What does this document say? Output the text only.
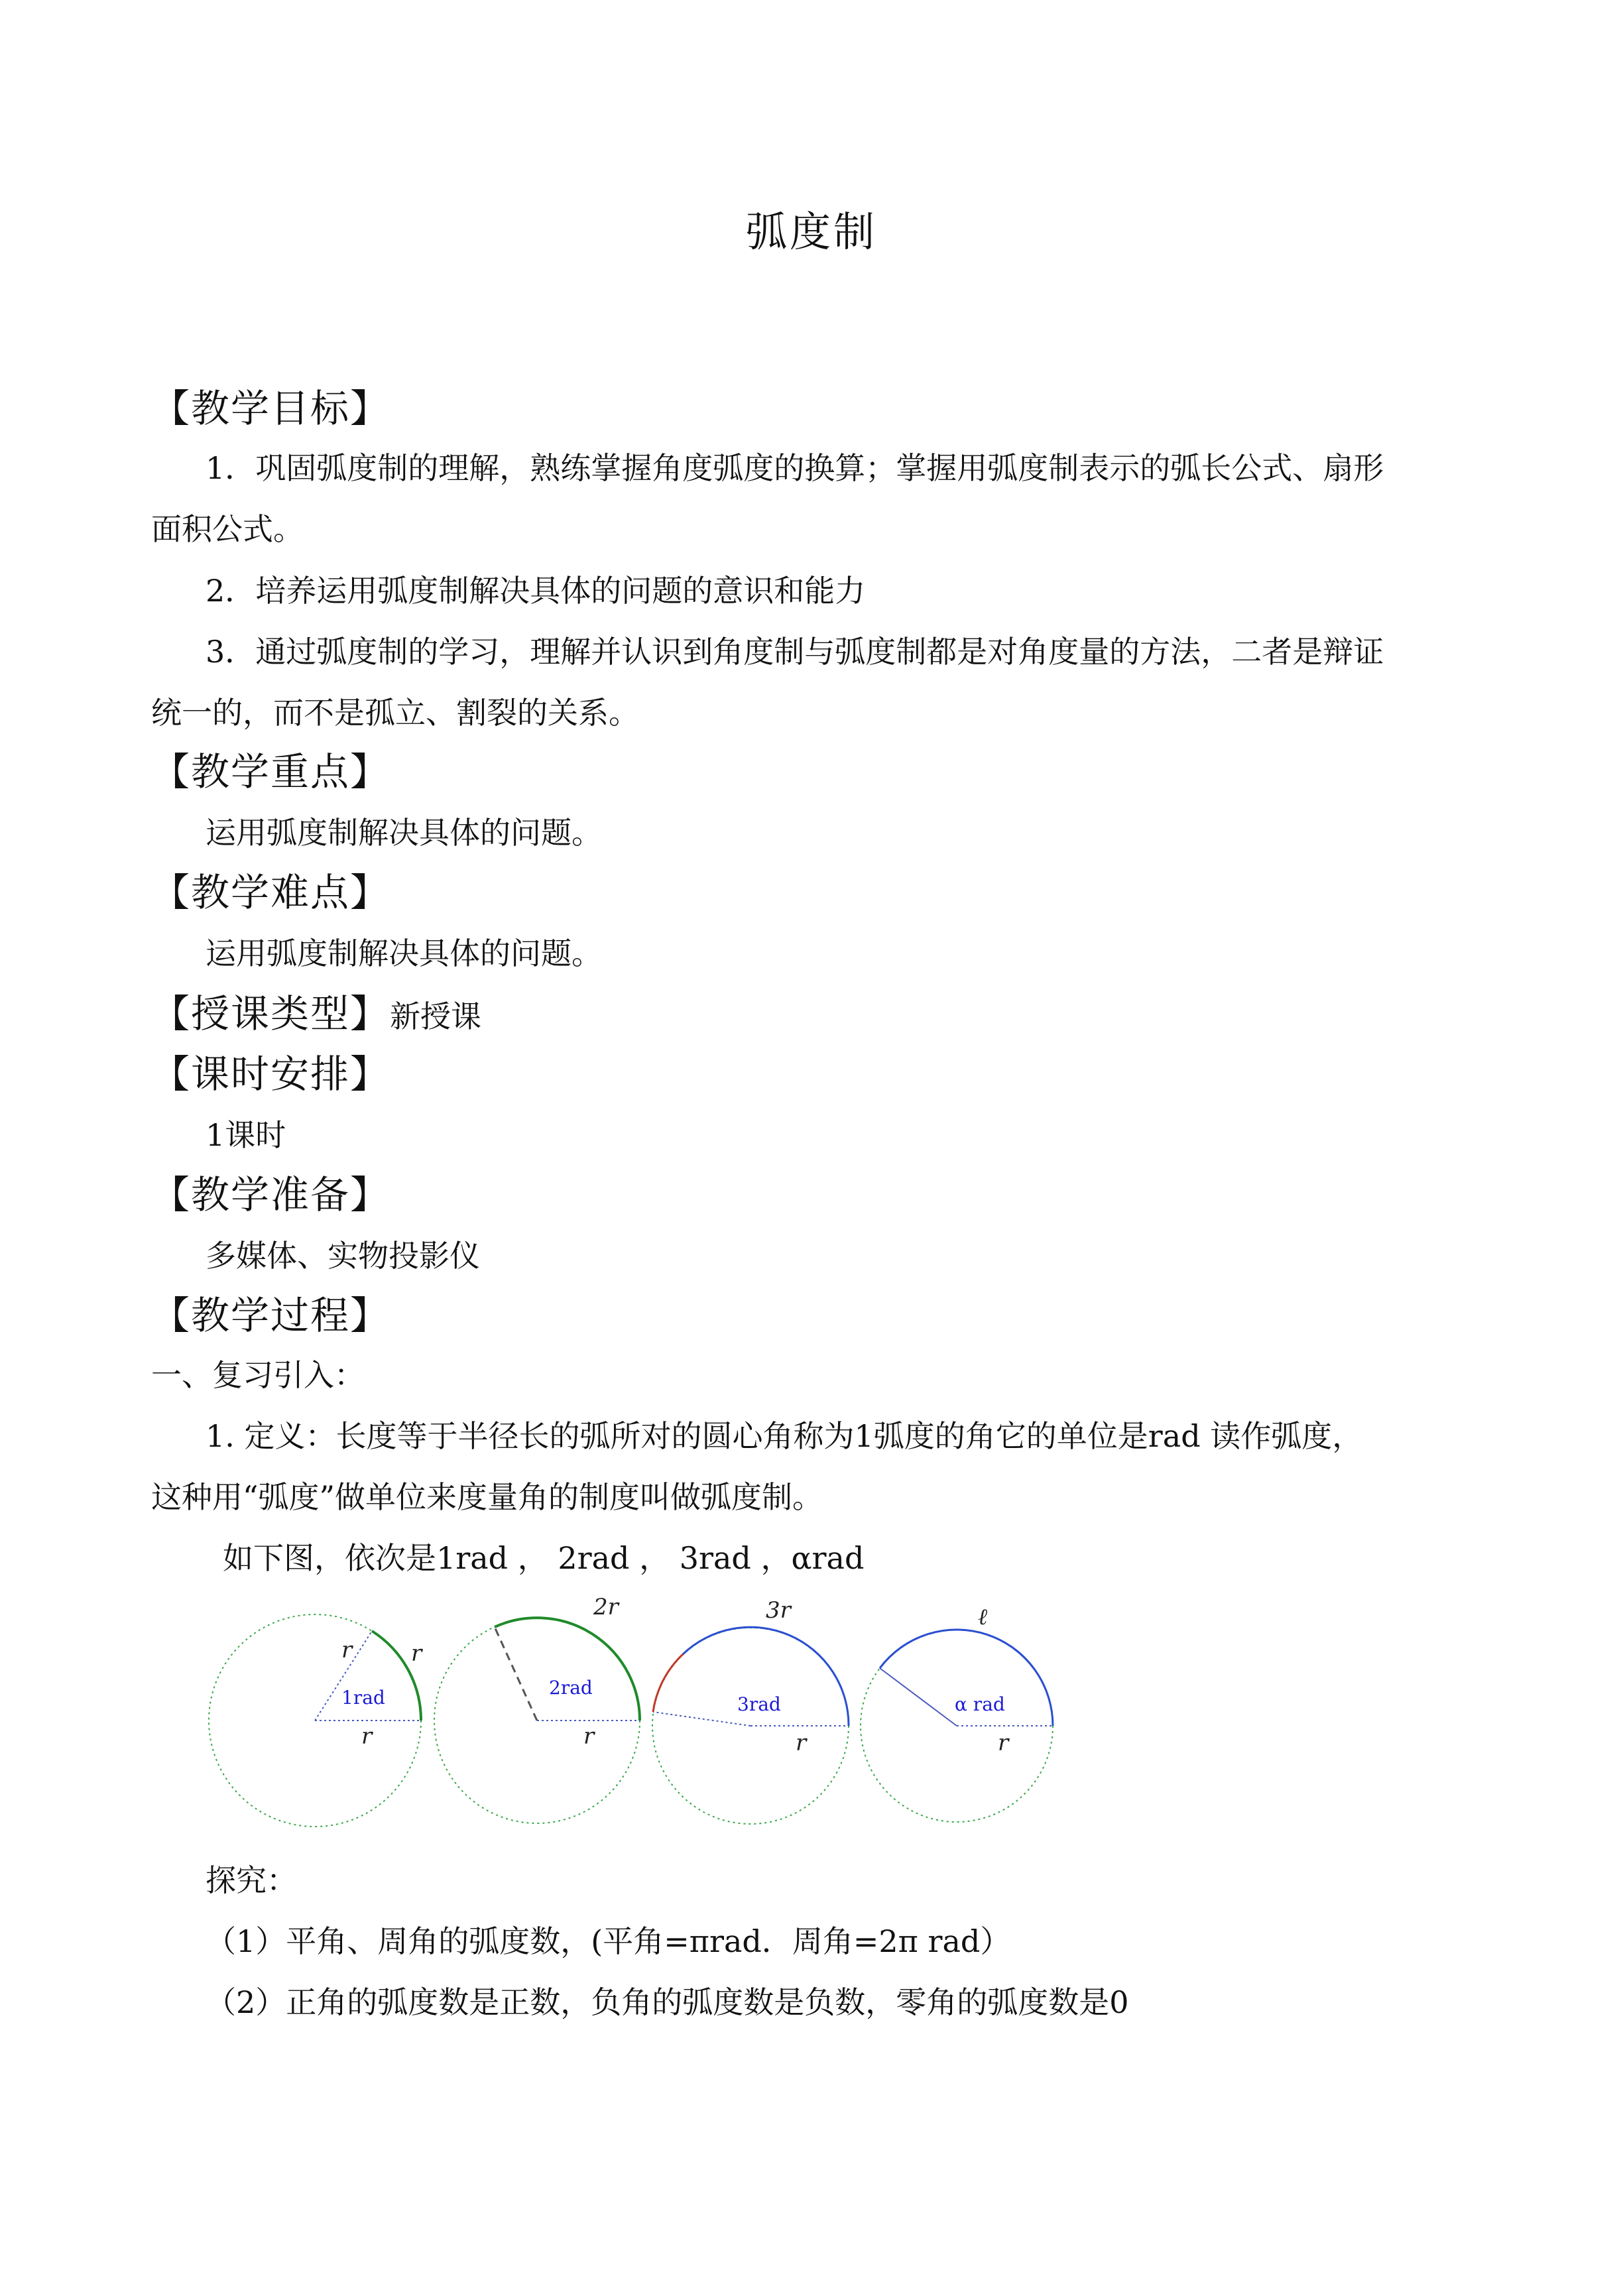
弧度制
【教学目标】
1．巩固弧度制的理解，熟练掌握角度弧度的换算；掌握用弧度制表示的弧长公式、扇形
面积公式。
2．培养运用弧度制解决具体的问题的意识和能力
3．通过弧度制的学习，理解并认识到角度制与弧度制都是对角度量的方法，二者是辩证
统一的，而不是孤立、割裂的关系。
【教学重点】
运用弧度制解决具体的问题。
【教学难点】
运用弧度制解决具体的问题。
【授课类型】新授课
【课时安排】
1课时
【教学准备】
多媒体、实物投影仪
【教学过程】
一、复习引入：
1. 定义：长度等于半径长的弧所对的圆心角称为1弧度的角它的单位是rad 读作弧度，
这种用“弧度”做单位来度量角的制度叫做弧度制。
如下图，依次是1rad ， 2rad ， 3rad ，αrad
1rad
r	r
r
2rad
2r
r
3rad
3r
r
α rad
ℓ
r
探究：
（1）平角、周角的弧度数，(平角=πrad．周角=2π rad）
（2）正角的弧度数是正数，负角的弧度数是负数，零角的弧度数是0
